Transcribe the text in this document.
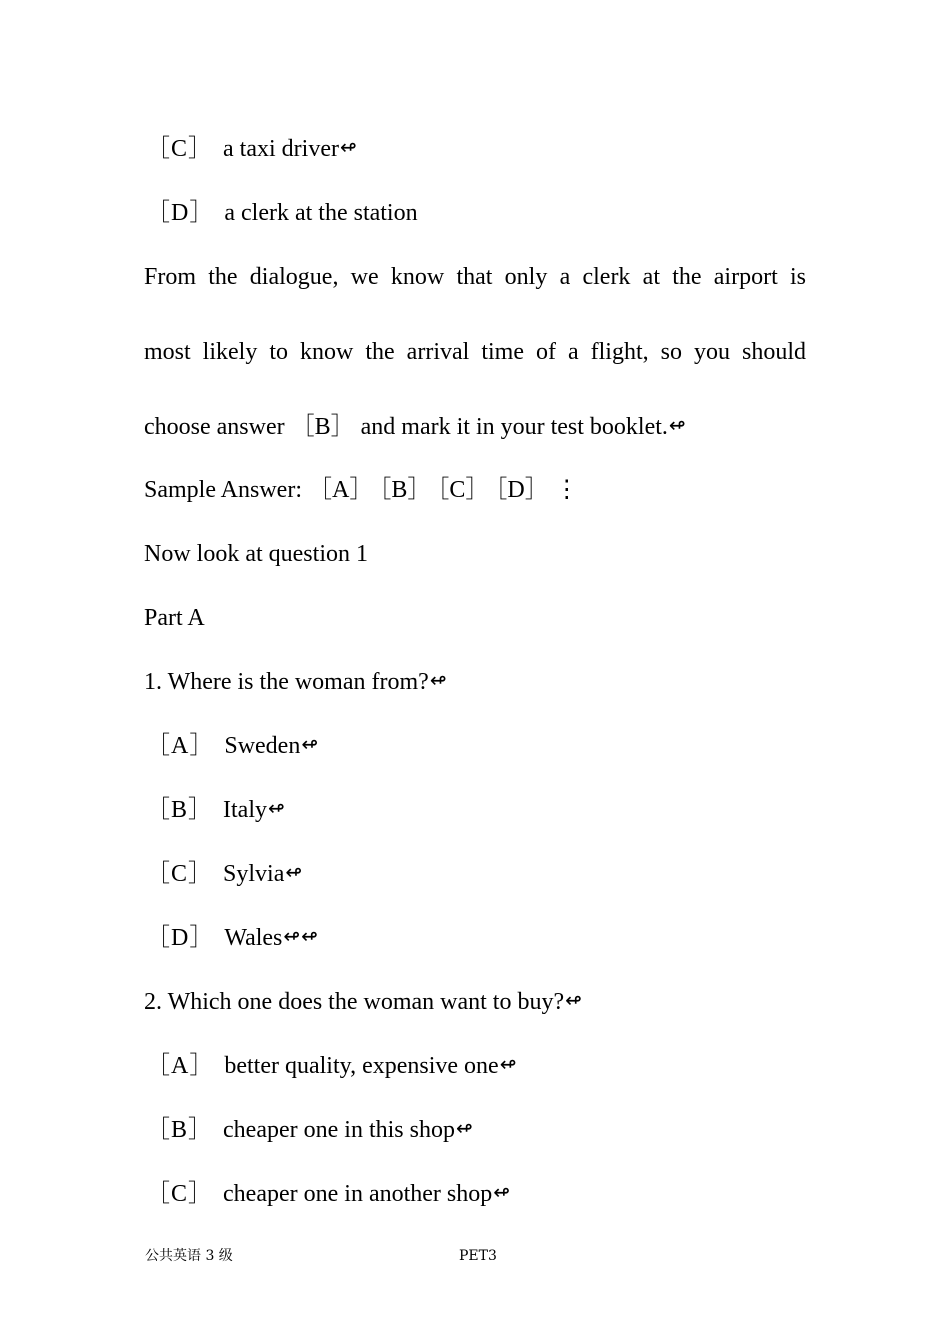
［C］ a taxi driver↫
［D］ a clerk at the station
From the dialogue, we know that only a clerk at the airport is
most likely to know the arrival time of a flight, so you should
choose answer ［B］ and mark it in your test booklet.↫
Sample Answer: ［A］ ［B］ ［C］ ［D］ ⋮
Now look at question 1
Part A
1. Where is the woman from?↫
［A］ Sweden↫
［B］ Italy↫
［C］ Sylvia↫
［D］ Wales↫↫
2. Which one does the woman want to buy?↫
［A］ better quality, expensive one↫
［B］ cheaper one in this shop↫
［C］ cheaper one in another shop↫
公共英语 3 级	PET3
